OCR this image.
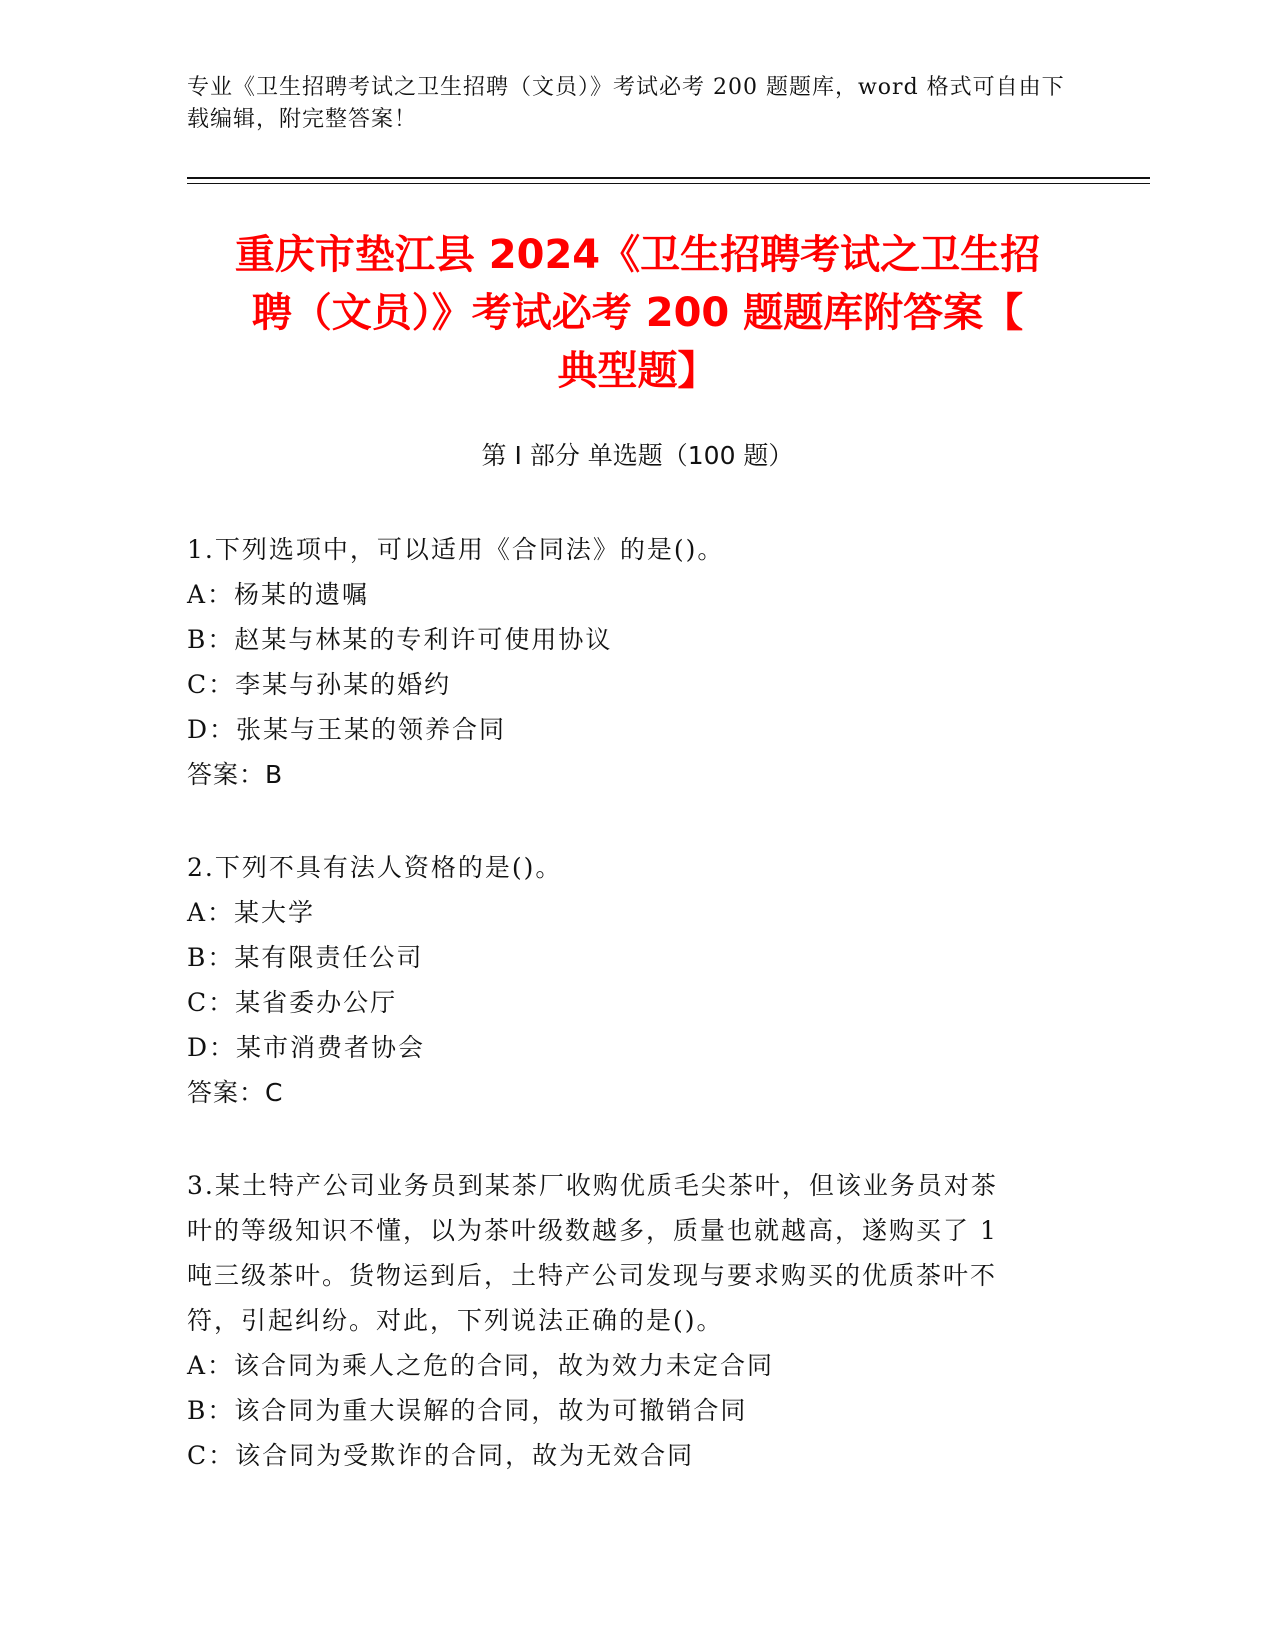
专业《卫生招聘考试之卫生招聘（文员）》考试必考 200 题题库，word 格式可自由下载编辑，附完整答案！
重庆市垫江县 2024《卫生招聘考试之卫生招
聘（文员）》考试必考 200 题题库附答案【
典型题】
第 I 部分 单选题（100 题）

1.下列选项中，可以适用《合同法》的是()。

A：杨某的遗嘱

B：赵某与林某的专利许可使用协议

C：李某与孙某的婚约

D：张某与王某的领养合同

答案：B

2.下列不具有法人资格的是()。

A：某大学

B：某有限责任公司

C：某省委办公厅

D：某市消费者协会

答案：C

3.某土特产公司业务员到某茶厂收购优质毛尖茶叶，但该业务员对茶

叶的等级知识不懂，以为茶叶级数越多，质量也就越高，遂购买了 1

吨三级茶叶。货物运到后，土特产公司发现与要求购买的优质茶叶不

符，引起纠纷。对此，下列说法正确的是()。

A：该合同为乘人之危的合同，故为效力未定合同

B：该合同为重大误解的合同，故为可撤销合同

C：该合同为受欺诈的合同，故为无效合同
